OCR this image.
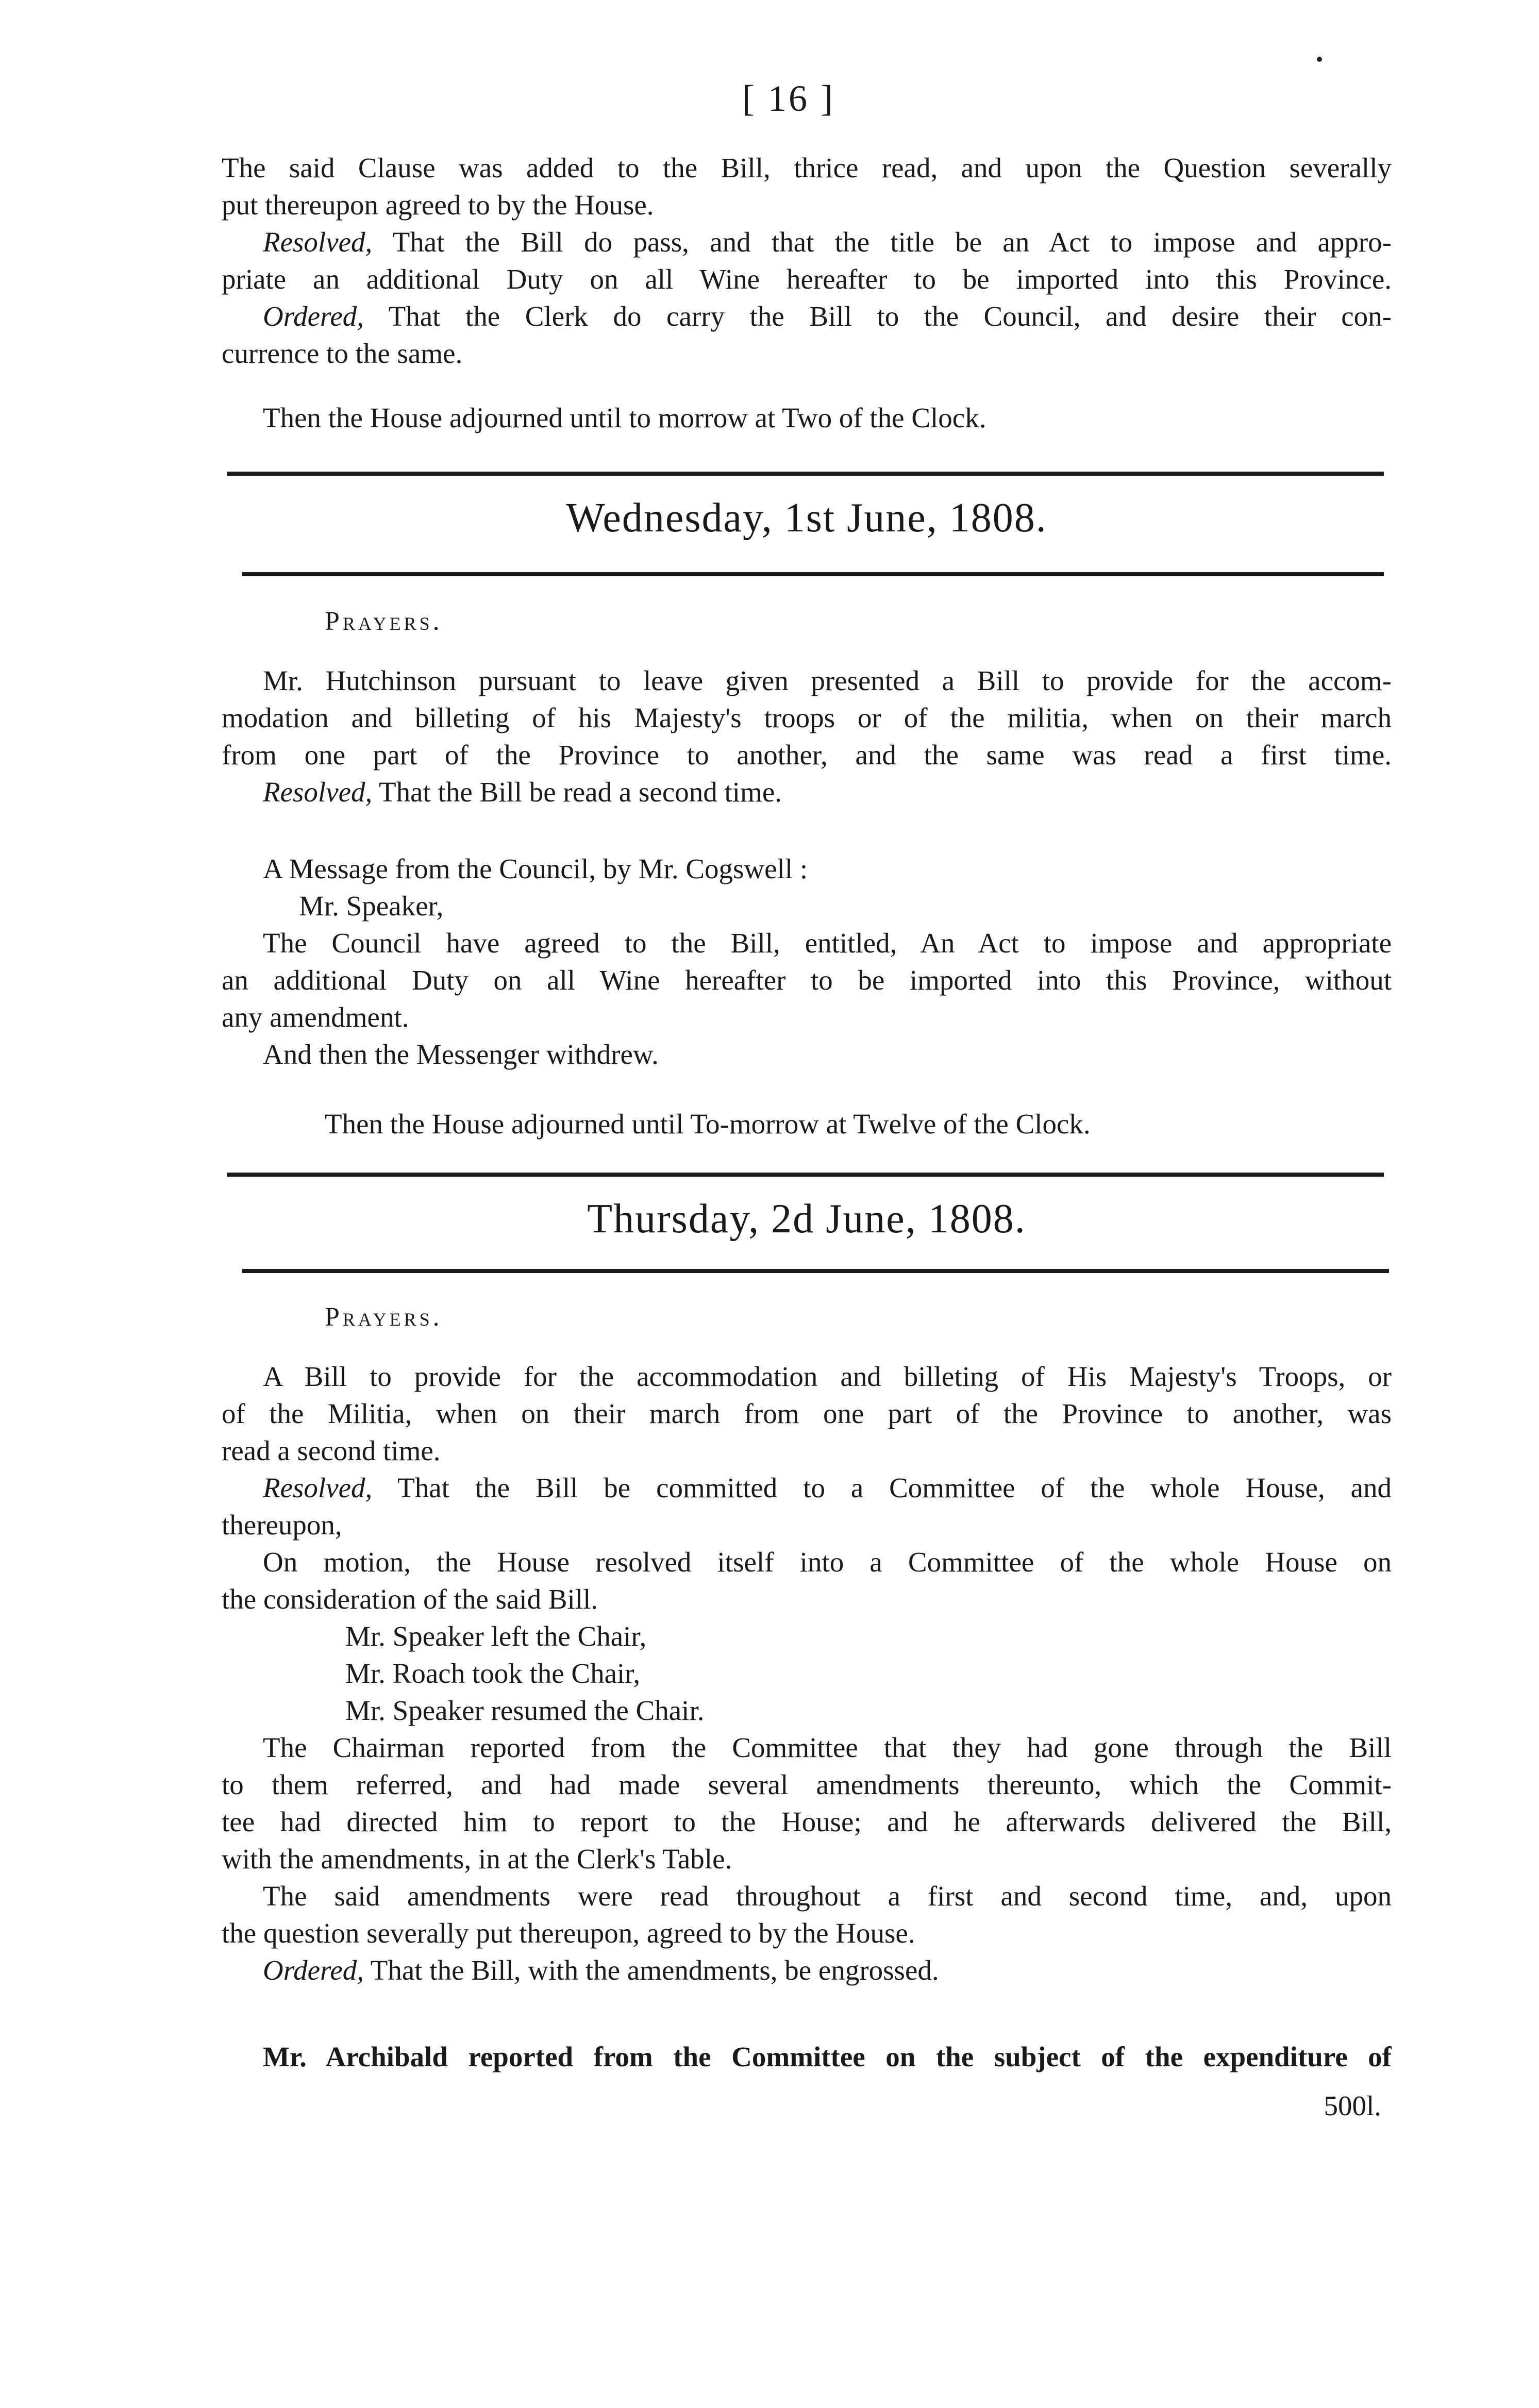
[ 16 ]
The said Clause was added to the Bill, thrice read, and upon the Question severally
put thereupon agreed to by the House.
Resolved, That the Bill do pass, and that the title be an Act to impose and appro-
priate an additional Duty on all Wine hereafter to be imported into this Province.
Ordered, That the Clerk do carry the Bill to the Council, and desire their con-
currence to the same.
Then the House adjourned until to morrow at Two of the Clock.
Wednesday, 1st June, 1808.
Prayers.
Mr. Hutchinson pursuant to leave given presented a Bill to provide for the accom-
modation and billeting of his Majesty's troops or of the militia, when on their march
from one part of the Province to another, and the same was read a first time.
Resolved, That the Bill be read a second time.
A Message from the Council, by Mr. Cogswell :
Mr. Speaker,
The Council have agreed to the Bill, entitled, An Act to impose and appropriate
an additional Duty on all Wine hereafter to be imported into this Province, without
any amendment.
And then the Messenger withdrew.
Then the House adjourned until To-morrow at Twelve of the Clock.
Thursday, 2d June, 1808.
Prayers.
A Bill to provide for the accommodation and billeting of His Majesty's Troops, or
of the Militia, when on their march from one part of the Province to another, was
read a second time.
Resolved, That the Bill be committed to a Committee of the whole House, and
thereupon,
On motion, the House resolved itself into a Committee of the whole House on
the consideration of the said Bill.
Mr. Speaker left the Chair,
Mr. Roach took the Chair,
Mr. Speaker resumed the Chair.
The Chairman reported from the Committee that they had gone through the Bill
to them referred, and had made several amendments thereunto, which the Commit-
tee had directed him to report to the House; and he afterwards delivered the Bill,
with the amendments, in at the Clerk's Table.
The said amendments were read throughout a first and second time, and, upon
the question severally put thereupon, agreed to by the House.
Ordered, That the Bill, with the amendments, be engrossed.
Mr. Archibald reported from the Committee on the subject of the expenditure of
500l.
